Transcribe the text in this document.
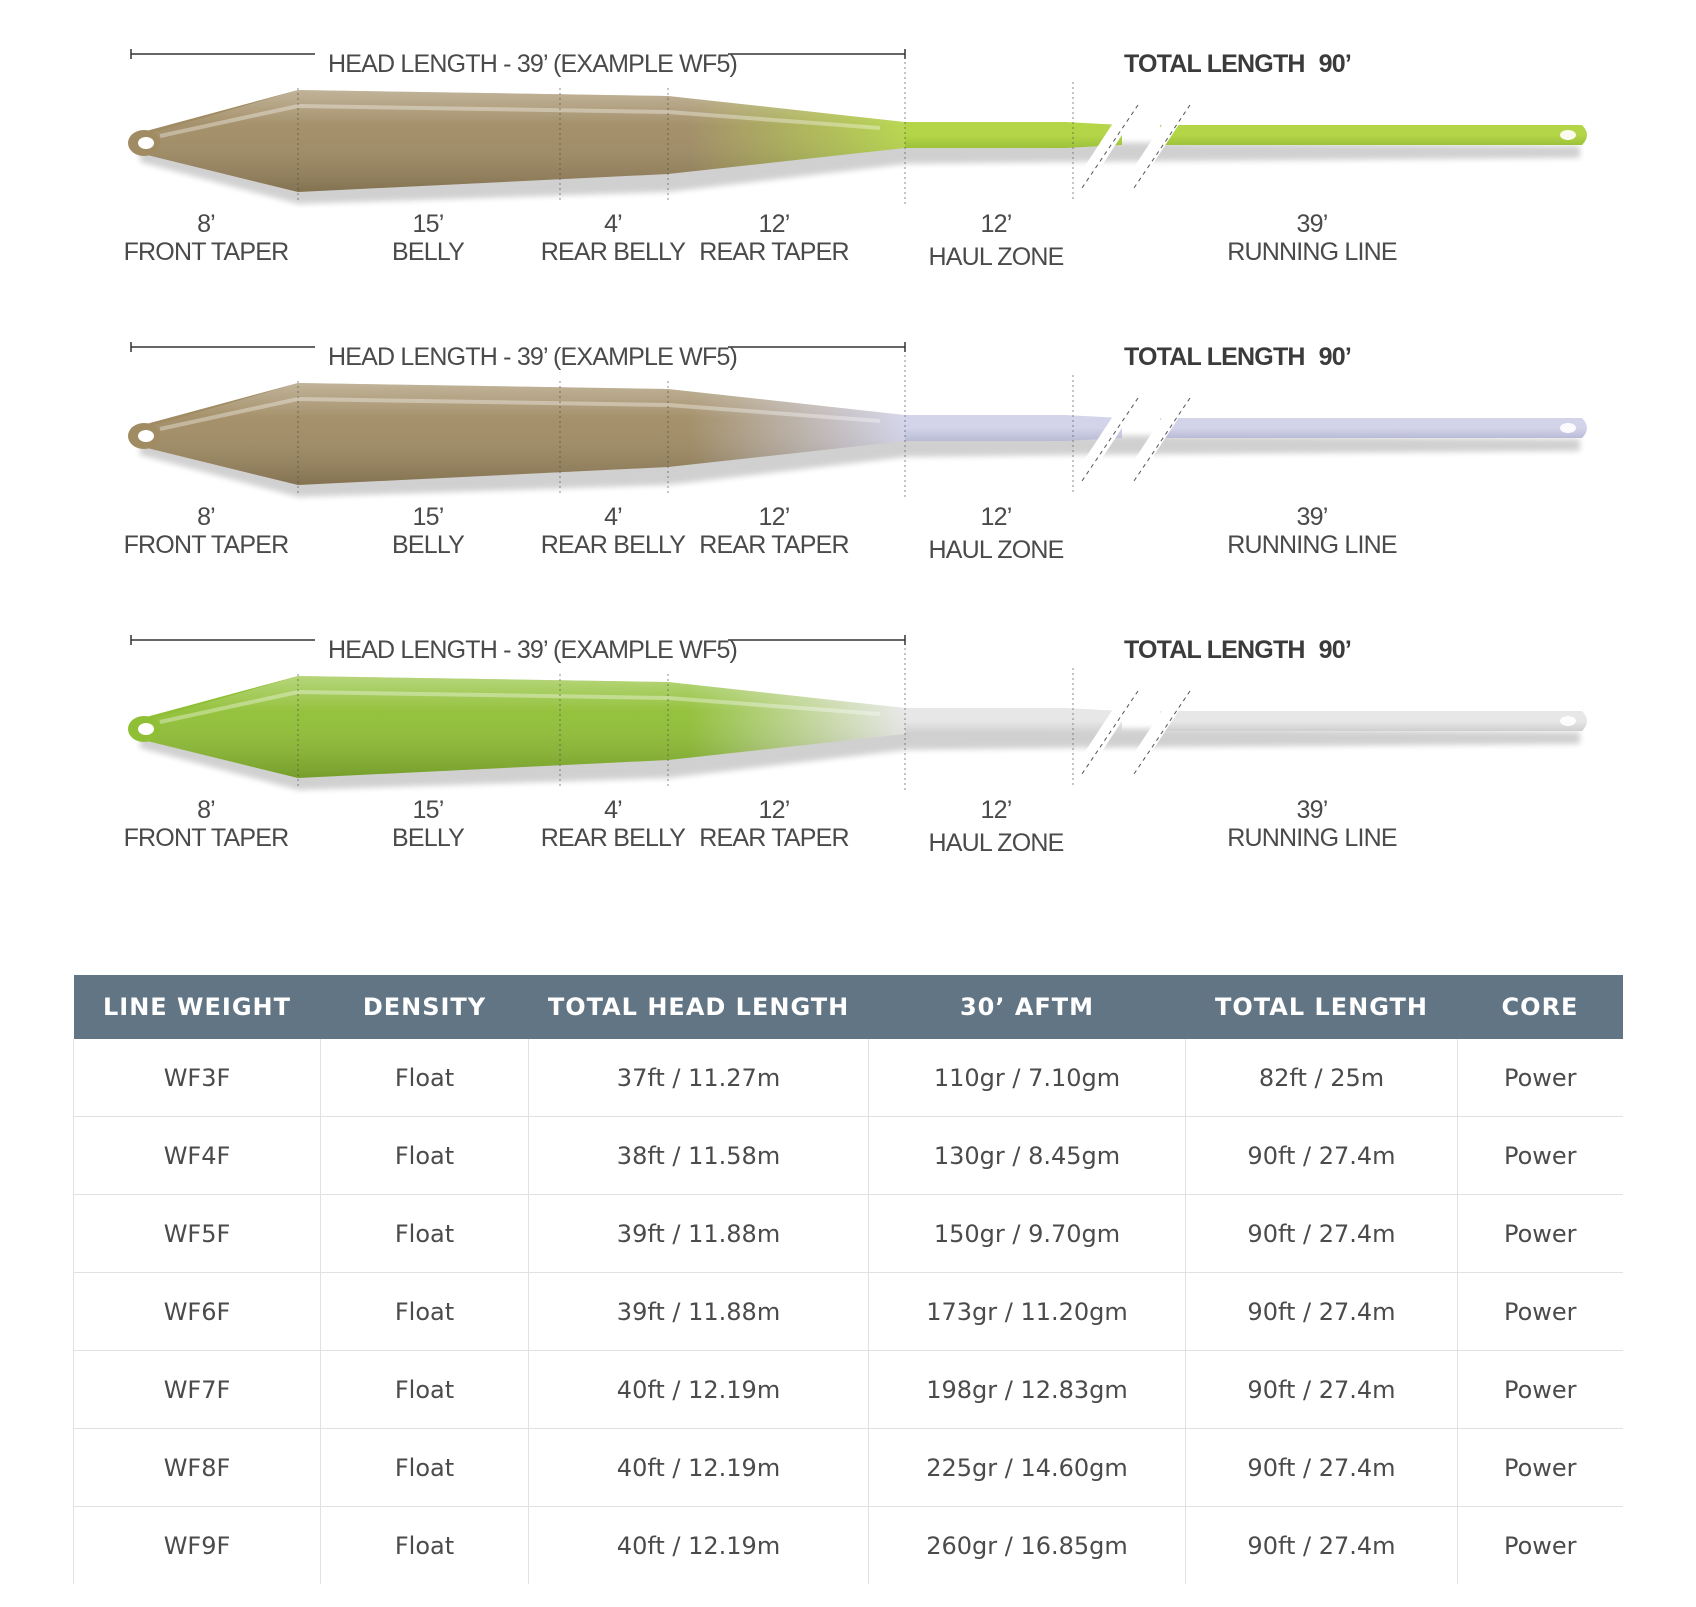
HEAD LENGTH - 39’ (EXAMPLE WF5)	TOTAL LENGTH 90’
8’
FRONT TAPER
15’
BELLY
4’
REAR BELLY
12’
REAR TAPER
12’
HAUL ZONE
39’
RUNNING LINE
HEAD LENGTH - 39’ (EXAMPLE WF5)	TOTAL LENGTH 90’
8’
FRONT TAPER
15’
BELLY
4’
REAR BELLY
12’
REAR TAPER
12’
HAUL ZONE
39’
RUNNING LINE
HEAD LENGTH - 39’ (EXAMPLE WF5)	TOTAL LENGTH 90’
8’
FRONT TAPER
15’
BELLY
4’
REAR BELLY
12’
REAR TAPER
12’
HAUL ZONE
39’
RUNNING LINE
LINE WEIGHT	DENSITY	TOTAL HEAD LENGTH	30’ AFTM	TOTAL LENGTH	CORE
WF3F	Float	37ft / 11.27m	110gr / 7.10gm	82ft / 25m	Power
WF4F	Float	38ft / 11.58m	130gr / 8.45gm	90ft / 27.4m	Power
WF5F	Float	39ft / 11.88m	150gr / 9.70gm	90ft / 27.4m	Power
WF6F	Float	39ft / 11.88m	173gr / 11.20gm	90ft / 27.4m	Power
WF7F	Float	40ft / 12.19m	198gr / 12.83gm	90ft / 27.4m	Power
WF8F	Float	40ft / 12.19m	225gr / 14.60gm	90ft / 27.4m	Power
WF9F	Float	40ft / 12.19m	260gr / 16.85gm	90ft / 27.4m	Power
